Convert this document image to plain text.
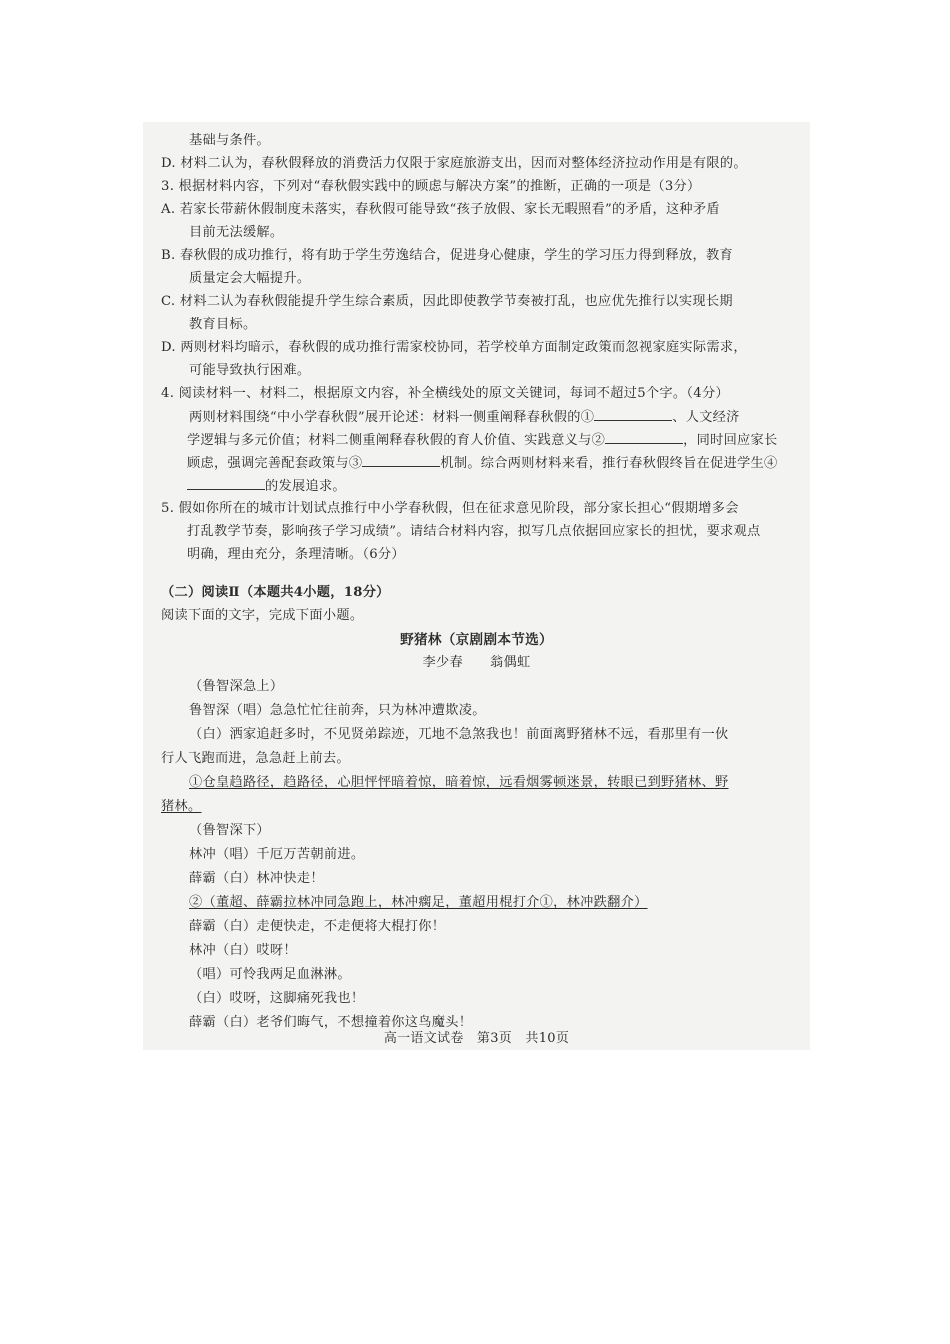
基础与条件。
D. 材料二认为，春秋假释放的消费活力仅限于家庭旅游支出，因而对整体经济拉动作用是有限的。
3. 根据材料内容，下列对“春秋假实践中的顾虑与解决方案”的推断，正确的一项是（3分）
A. 若家长带薪休假制度未落实，春秋假可能导致“孩子放假、家长无暇照看”的矛盾，这种矛盾
目前无法缓解。
B. 春秋假的成功推行，将有助于学生劳逸结合，促进身心健康，学生的学习压力得到释放，教育
质量定会大幅提升。
C. 材料二认为春秋假能提升学生综合素质，因此即使教学节奏被打乱，也应优先推行以实现长期
教育目标。
D. 两则材料均暗示，春秋假的成功推行需家校协同，若学校单方面制定政策而忽视家庭实际需求，
可能导致执行困难。
4. 阅读材料一、材料二，根据原文内容，补全横线处的原文关键词，每词不超过5个字。（4分）
两则材料围绕“中小学春秋假”展开论述：材料一侧重阐释春秋假的①	、人文经济
学逻辑与多元价值；材料二侧重阐释春秋假的育人价值、实践意义与②	，同时回应家长
顾虑，强调完善配套政策与③	机制。综合两则材料来看，推行春秋假终旨在促进学生④
的发展追求。
5. 假如你所在的城市计划试点推行中小学春秋假，但在征求意见阶段，部分家长担心“假期增多会
打乱教学节奏，影响孩子学习成绩”。请结合材料内容，拟写几点依据回应家长的担忧，要求观点
明确，理由充分，条理清晰。（6分）
（二）阅读Ⅱ（本题共4小题，18分）
阅读下面的文字，完成下面小题。
野猪林（京剧剧本节选）
李少春　　翁偶虹
（鲁智深急上）
鲁智深（唱）急急忙忙往前奔，只为林冲遭欺凌。
（白）洒家追赶多时，不见贤弟踪迹，兀地不急煞我也！前面离野猪林不远，看那里有一伙
行人飞跑而进，急急赶上前去。
①仓皇趋路径，趋路径，心胆怦怦暗着惊，暗着惊，远看烟雾顿迷景，转眼已到野猪林、野
猪林。
（鲁智深下）
林冲（唱）千厄万苦朝前进。
薛霸（白）林冲快走！
②（董超、薛霸拉林冲同急跑上，林冲瘸足，董超用棍打介①，林冲跌翻介）
薛霸（白）走便快走，不走便将大棍打你！
林冲（白）哎呀！
（唱）可怜我两足血淋淋。
（白）哎呀，这脚痛死我也！
薛霸（白）老爷们晦气，不想撞着你这鸟魔头！
高一语文试卷　第3页　共10页
